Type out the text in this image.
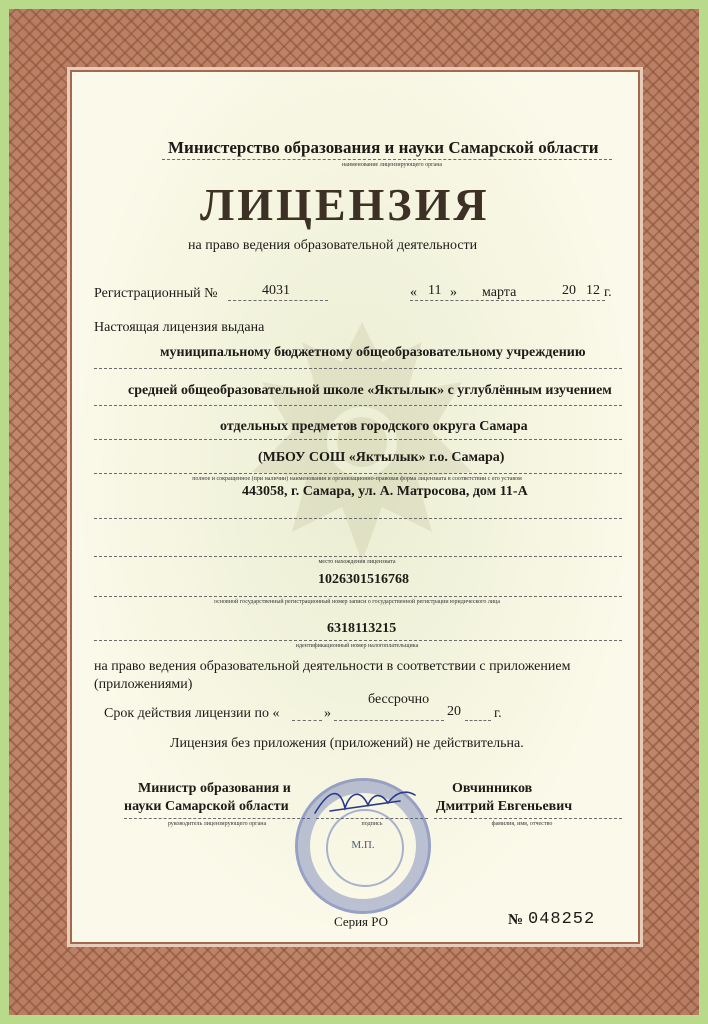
Министерство образования и науки Самарской области
наименование лицензирующего органа
ЛИЦЕНЗИЯ
на право ведения образовательной деятельности
Регистрационный №	4031	« 11 » марта	20 12 г.
Настоящая лицензия выдана
муниципальному бюджетному общеобразовательному учреждению
средней общеобразовательной школе «Яктылык» с углублённым изучением
отдельных предметов городского округа Самара
(МБОУ СОШ «Яктылык» г.о. Самара)
полное и сокращенное (при наличии) наименования и организационно-правовая форма лицензиата в соответствии с его уставом
443058, г. Самара, ул. А. Матросова, дом 11-А
место нахождения лицензиата
1026301516768
основной государственный регистрационный номер записи о государственной регистрации юридического лица
6318113215
идентификационный номер налогоплательщика
на право ведения образовательной деятельности в соответствии с приложением
(приложениями)
Срок действия лицензии по «	»
бессрочно
20 г.
Лицензия без приложения (приложений) не действительна.
Министр образования и
науки Самарской области
руководитель лицензирующего органа	подпись
Овчинников
Дмитрий Евгеньевич
фамилия, имя, отчество
Серия РО	№ 048252
М.П.
